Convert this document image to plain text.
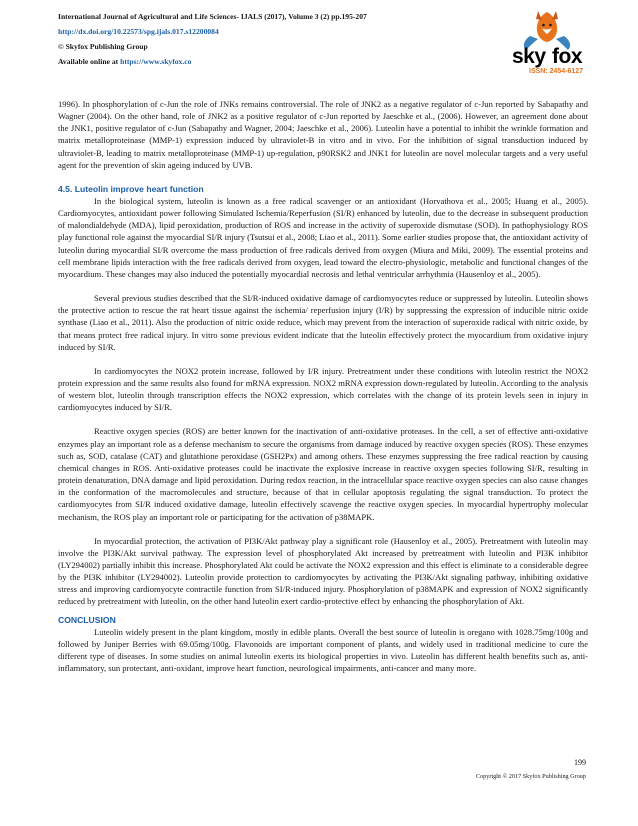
International Journal of Agricultural and Life Sciences- IJALS (2017), Volume 3 (2) pp.195-207
http://dx.doi.org/10.22573/spg.ijals.017.s12200084
© Skyfox Publishing Group
Available online at https://www.skyfox.co	sky fox
ISSN: 2454-6127

1996). In phosphorylation of c-Jun the role of JNKs remains controversial. The role of JNK2 as a negative regulator of c-Jun reported by Sabapathy and Wagner (2004). On the other hand, role of JNK2 as a positive regulator of c-Jun reported by Jaeschke et al., (2006). However, an agreement done about the JNK1, positive regulator of c-Jun (Sabapathy and Wagner, 2004; Jaeschke et al., 2006). Luteolin have a potential to inhibit the wrinkle formation and matrix metalloproteinase (MMP-1) expression induced by ultraviolet-B in vitro and in vivo. For the inhibition of signal transduction induced by ultraviolet-B, leading to matrix metalloproteinase (MMP-1) up-regulation, p90RSK2 and JNK1 for luteolin are novel molecular targets and a very useful agent for the prevention of skin ageing induced by UVB.

4.5. Luteolin improve heart function

In the biological system, luteolin is known as a free radical scavenger or an antioxidant (Horvathova et al., 2005; Huang et al., 2005). Cardiomyocytes, antioxidant power following Simulated Ischemia/Reperfusion (SI/R) enhanced by luteolin, due to the decrease in subsequent production of malondialdehyde (MDA), lipid peroxidation, production of ROS and increase in the activity of superoxide dismutase (SOD). In pathophysiology ROS play functional role against the myocardial SI/R injury (Tsutsui et al., 2008; Liao et al., 2011). Some earlier studies propose that, the antioxidant activity of luteolin during myocardial SI/R overcome the mass production of free radicals derived from oxygen (Miura and Miki, 2009). The essential proteins and cell membrane lipids interaction with the free radicals derived from oxygen, lead toward the electro-physiologic, metabolic and functional changes of the myocardium. These changes may also induced the potentially myocardial necrosis and lethal ventricular arrhythmia (Hausenloy et al., 2005).

Several previous studies described that the SI/R-induced oxidative damage of cardiomyocytes reduce or suppressed by luteolin. Luteolin shows the protective action to rescue the rat heart tissue against the ischemia/ reperfusion injury (I/R) by suppressing the expression of inducible nitric oxide synthase (Liao et al., 2011). Also the production of nitric oxide reduce, which may prevent from the interaction of superoxide radical with nitric oxide, by that means protect free radical injury. In vitro some previous evident indicate that the luteolin effectively protect the myocardium from oxidative injury induced by SI/R.

In cardiomyocytes the NOX2 protein increase, followed by I/R injury. Pretreatment under these conditions with luteolin restrict the NOX2 protein expression and the same results also found for mRNA expression. NOX2 mRNA expression down-regulated by luteolin. According to the analysis of western blot, luteolin through transcription effects the NOX2 expression, which correlates with the change of its protein levels seen in injury in cardiomyocytes induced by SI/R.

Reactive oxygen species (ROS) are better known for the inactivation of anti-oxidative proteases. In the cell, a set of effective anti-oxidative enzymes play an important role as a defense mechanism to secure the organisms from damage induced by reactive oxygen species (ROS). These enzymes such as, SOD, catalase (CAT) and glutathione peroxidase (GSH2Px) and among others. These enzymes suppressing the free radical reaction by causing chemical changes in ROS. Anti-oxidative proteases could be inactivate the explosive increase in reactive oxygen species following SI/R, resulting in protein denaturation, DNA damage and lipid peroxidation. During redox reaction, in the intracellular space reactive oxygen species can also cause changes in the conformation of the macromolecules and structure, because of that in cellular apoptosis regulating the signal transduction. To protect the cardiomyocytes from SI/R induced oxidative damage, luteolin effectively scavenge the reactive oxygen species. In myocardial hypertrophy molecular mechanism, the ROS play an important role or participating for the activation of p38MAPK.

In myocardial protection, the activation of PI3K/Akt pathway play a significant role (Hausenloy et al., 2005). Pretreatment with luteolin may involve the PI3K/Akt survival pathway. The expression level of phosphorylated Akt increased by pretreatment with luteolin and PI3K inhibitor (LY294002) partially inhibit this increase. Phosphorylated Akt could be activate the NOX2 expression and this effect is eliminate to a considerable degree by the PI3K inhibitor (LY294002). Luteolin provide protection to cardiomyocytes by activating the PI3K/Akt signaling pathway, inhibiting oxidative stress and improving cardiomyocyte contractile function from SI/R-induced injury. Phosphorylation of p38MAPK and expression of NOX2 significantly reduced by pretreatment with luteolin, on the other hand luteolin exert cardio-protective effect by enhancing the phosphorylation of Akt.

CONCLUSION

Luteolin widely present in the plant kingdom, mostly in edible plants. Overall the best source of luteolin is oregano with 1028.75mg/100g and followed by Juniper Berries with 69.05mg/100g. Flavonoids are important component of plants, and widely used in traditional medicine to cure the different type of diseases. In some studies on animal luteolin exerts its biological properties in vivo. Luteolin has different health benefits such as, anti-inflammatory, sun protectant, anti-oxidant, improve heart function, neurological impairments, anti-cancer and many more.

199
Copyright © 2017 Skyfox Publishing Group
